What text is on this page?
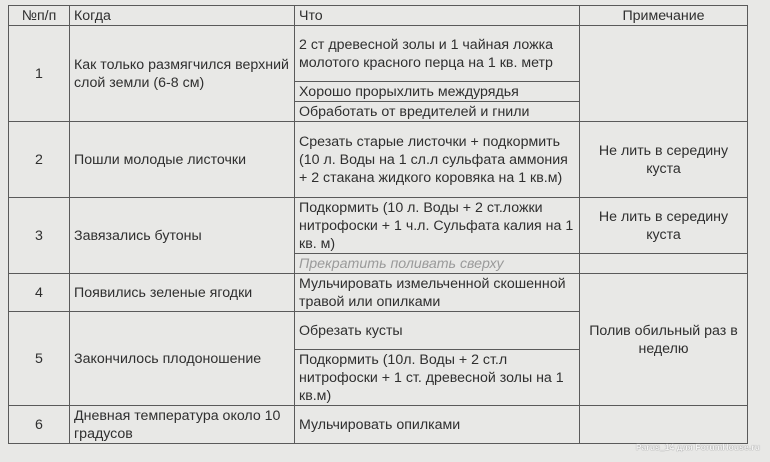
№п/п	Когда	Что	Примечание
1	Как только размягчился верхний слой земли (6-8 см)	2 ст древесной золы и 1 чайная ложка молотого красного перца на 1 кв. метр	
		Хорошо прорыхлить междурядья	
		Обработать от вредителей и гнили	
2	Пошли молодые листочки	Срезать старые листочки + подкормить (10 л. Воды на 1 сл.л сульфата аммония + 2 стакана жидкого коровяка на 1 кв.м)	Не лить в середину куста
3	Завязались бутоны	Подкормить (10 л. Воды + 2 ст.ложки нитрофоски + 1 ч.л. Сульфата калия на 1 кв. м)	Не лить в середину куста
		Прекратить поливать сверху	
4	Появились зеленые ягодки	Мульчировать измельченной скошенной травой или опилками	Полив обильный раз в неделю
5	Закончилось плодоношение	Обрезать кусты	
		Подкормить (10л. Воды + 2 ст.л нитрофоски + 1 ст. древесной золы на 1 кв.м)	
6	Дневная температура около 10 градусов	Мульчировать опилками	
Parus_14 для ForumHouse.ru
